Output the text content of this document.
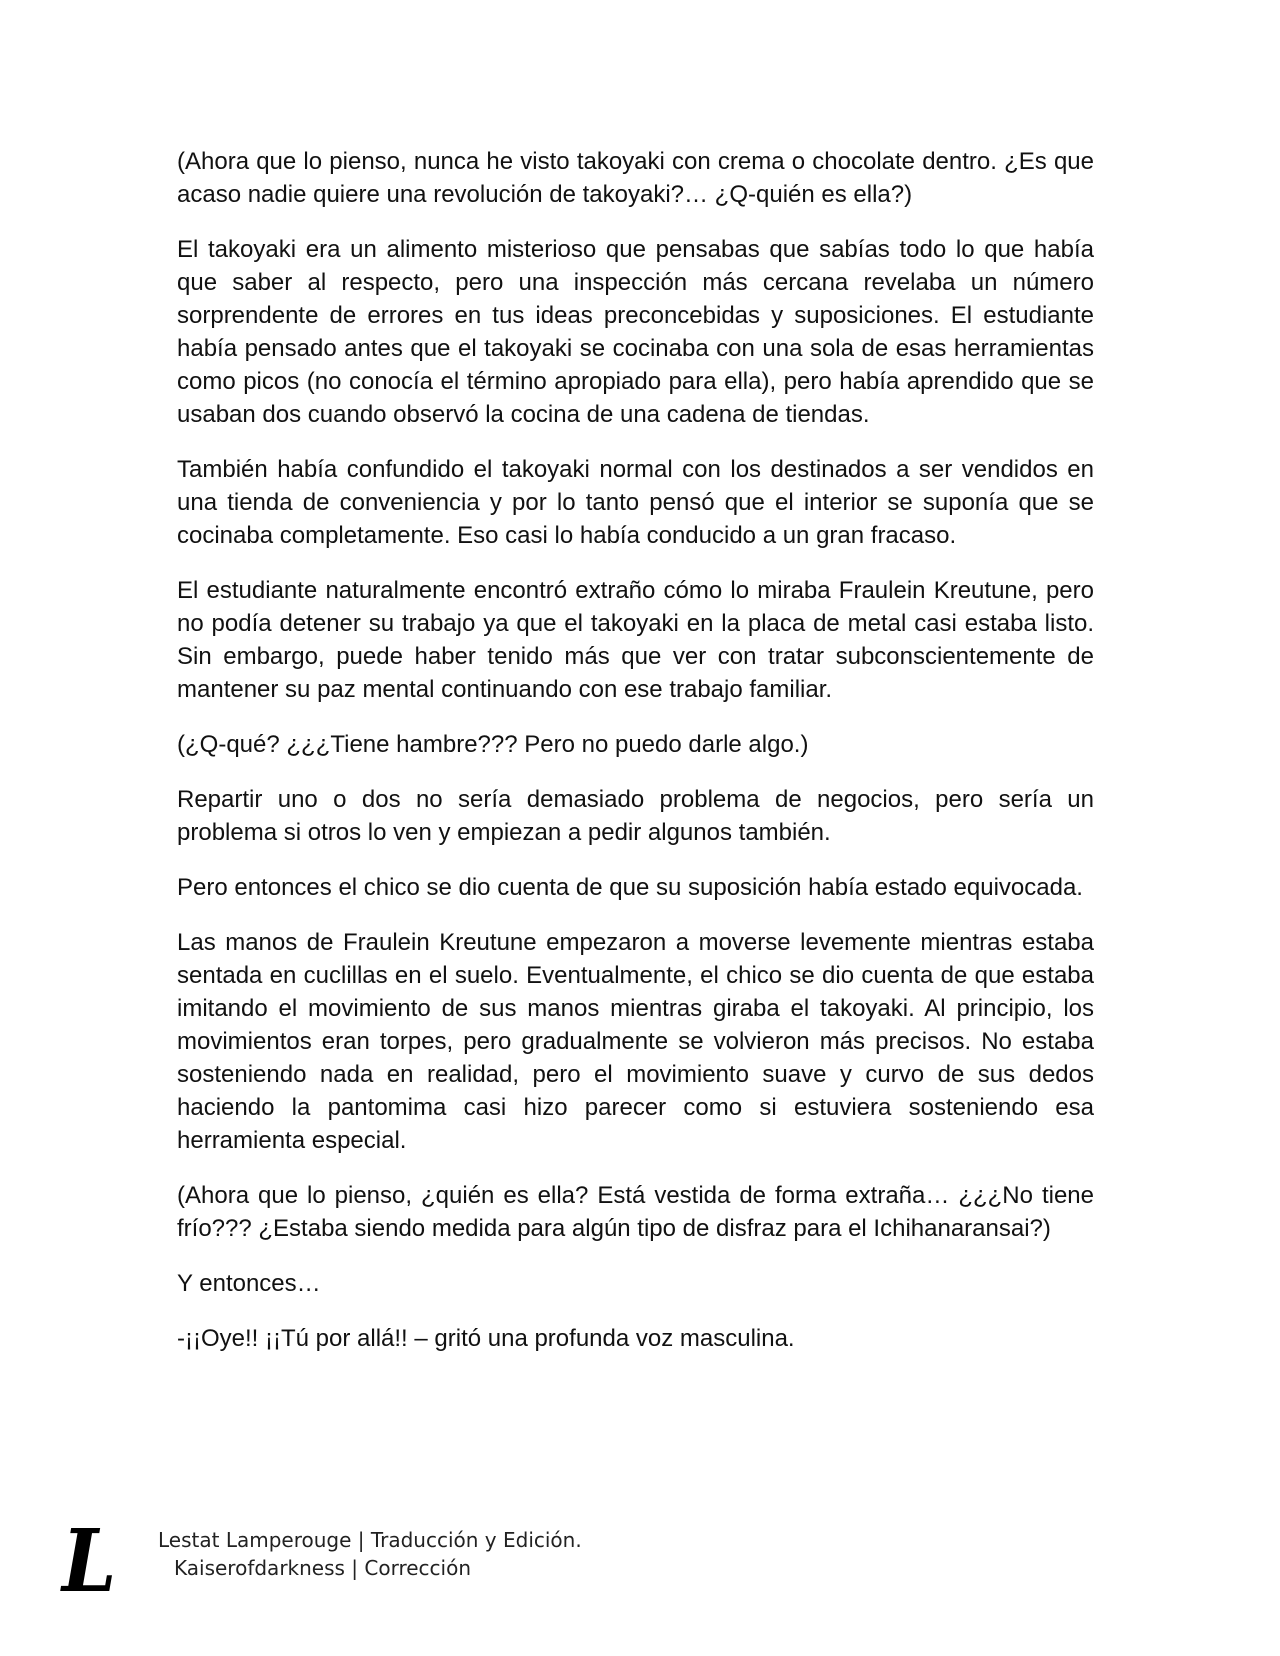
(Ahora que lo pienso, nunca he visto takoyaki con crema o chocolate dentro. ¿Es que acaso nadie quiere una revolución de takoyaki?… ¿Q-quién es ella?)

El takoyaki era un alimento misterioso que pensabas que sabías todo lo que había que saber al respecto, pero una inspección más cercana revelaba un número sorprendente de errores en tus ideas preconcebidas y suposiciones. El estudiante había pensado antes que el takoyaki se cocinaba con una sola de esas herramientas como picos (no conocía el término apropiado para ella), pero había aprendido que se usaban dos cuando observó la cocina de una cadena de tiendas.

También había confundido el takoyaki normal con los destinados a ser vendidos en una tienda de conveniencia y por lo tanto pensó que el interior se suponía que se cocinaba completamente. Eso casi lo había conducido a un gran fracaso.

El estudiante naturalmente encontró extraño cómo lo miraba Fraulein Kreutune, pero no podía detener su trabajo ya que el takoyaki en la placa de metal casi estaba listo. Sin embargo, puede haber tenido más que ver con tratar subconscientemente de mantener su paz mental continuando con ese trabajo familiar.

(¿Q-qué? ¿¿¿Tiene hambre??? Pero no puedo darle algo.)

Repartir uno o dos no sería demasiado problema de negocios, pero sería un problema si otros lo ven y empiezan a pedir algunos también.

Pero entonces el chico se dio cuenta de que su suposición había estado equivocada.

Las manos de Fraulein Kreutune empezaron a moverse levemente mientras estaba sentada en cuclillas en el suelo. Eventualmente, el chico se dio cuenta de que estaba imitando el movimiento de sus manos mientras giraba el takoyaki. Al principio, los movimientos eran torpes, pero gradualmente se volvieron más precisos. No estaba sosteniendo nada en realidad, pero el movimiento suave y curvo de sus dedos haciendo la pantomima casi hizo parecer como si estuviera sosteniendo esa herramienta especial.

(Ahora que lo pienso, ¿quién es ella? Está vestida de forma extraña… ¿¿¿No tiene frío??? ¿Estaba siendo medida para algún tipo de disfraz para el Ichihanaransai?)

Y entonces…

-¡¡Oye!! ¡¡Tú por allá!! – gritó una profunda voz masculina.

L	Lestat Lamperouge | Traducción y Edición.
Kaiserofdarkness | Corrección
